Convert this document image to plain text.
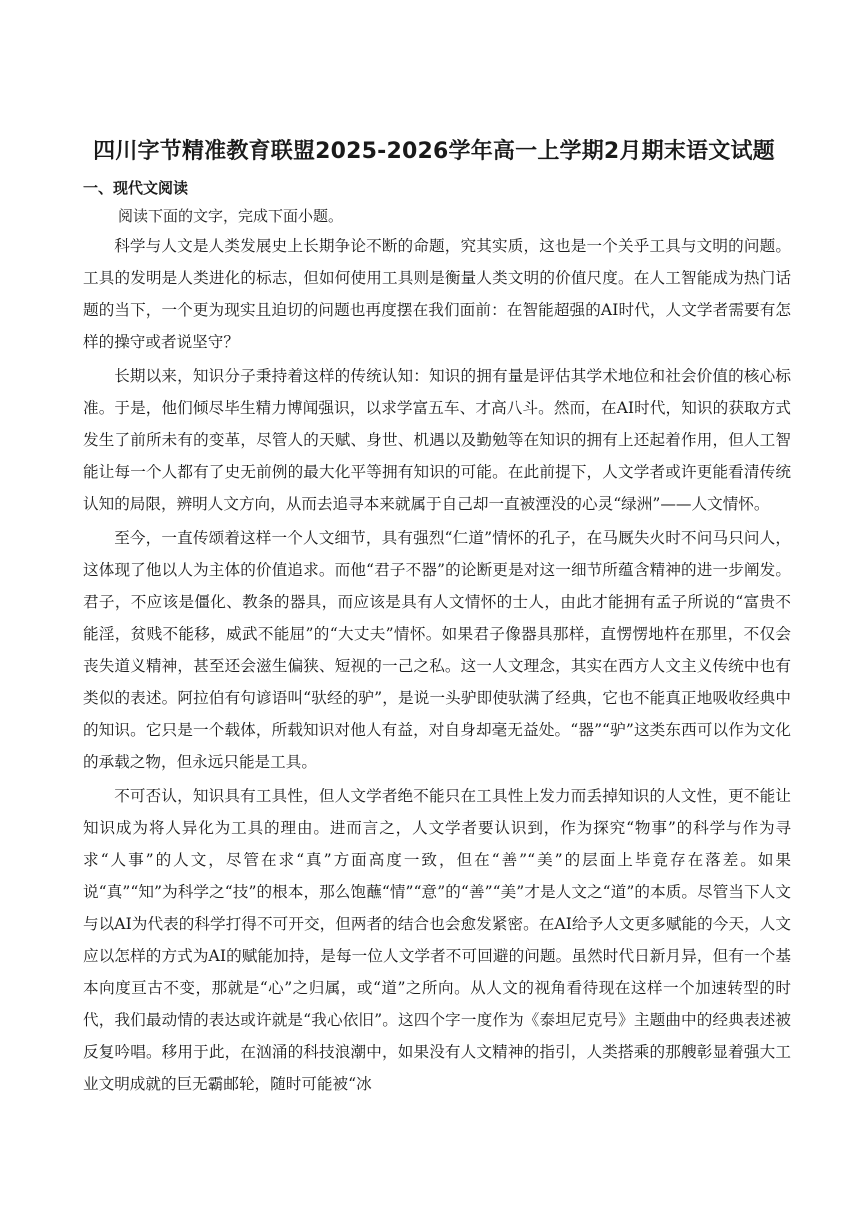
四川字节精准教育联盟2025-2026学年高一上学期2月期末语文试题
一、现代文阅读
阅读下面的文字，完成下面小题。

科学与人文是人类发展史上长期争论不断的命题，究其实质，这也是一个关乎工具与文明的问题。工具的发明是人类进化的标志，但如何使用工具则是衡量人类文明的价值尺度。在人工智能成为热门话题的当下，一个更为现实且迫切的问题也再度摆在我们面前：在智能超强的AI时代，人文学者需要有怎样的操守或者说坚守？

长期以来，知识分子秉持着这样的传统认知：知识的拥有量是评估其学术地位和社会价值的核心标准。于是，他们倾尽毕生精力博闻强识，以求学富五车、才高八斗。然而，在AI时代，知识的获取方式发生了前所未有的变革，尽管人的天赋、身世、机遇以及勤勉等在知识的拥有上还起着作用，但人工智能让每一个人都有了史无前例的最大化平等拥有知识的可能。在此前提下，人文学者或许更能看清传统认知的局限，辨明人文方向，从而去追寻本来就属于自己却一直被湮没的心灵“绿洲”——人文情怀。

至今，一直传颂着这样一个人文细节，具有强烈“仁道”情怀的孔子，在马厩失火时不问马只问人，这体现了他以人为主体的价值追求。而他“君子不器”的论断更是对这一细节所蕴含精神的进一步阐发。君子，不应该是僵化、教条的器具，而应该是具有人文情怀的士人，由此才能拥有孟子所说的“富贵不能淫，贫贱不能移，威武不能屈”的“大丈夫”情怀。如果君子像器具那样，直愣愣地杵在那里，不仅会丧失道义精神，甚至还会滋生偏狭、短视的一己之私。这一人文理念，其实在西方人文主义传统中也有类似的表述。阿拉伯有句谚语叫“驮经的驴”，是说一头驴即使驮满了经典，它也不能真正地吸收经典中的知识。它只是一个载体，所载知识对他人有益，对自身却毫无益处。“器”“驴”这类东西可以作为文化的承载之物，但永远只能是工具。

不可否认，知识具有工具性，但人文学者绝不能只在工具性上发力而丢掉知识的人文性，更不能让知识成为将人异化为工具的理由。进而言之，人文学者要认识到，作为探究“物事”的科学与作为寻求“人事”的人文，尽管在求“真”方面高度一致，但在“善”“美”的层面上毕竟存在落差。如果说“真”“知”为科学之“技”的根本，那么饱蘸“情”“意”的“善”“美”才是人文之“道”的本质。尽管当下人文与以AI为代表的科学打得不可开交，但两者的结合也会愈发紧密。在AI给予人文更多赋能的今天，人文应以怎样的方式为AI的赋能加持，是每一位人文学者不可回避的问题。虽然时代日新月异，但有一个基本向度亘古不变，那就是“心”之归属，或“道”之所向。从人文的视角看待现在这样一个加速转型的时代，我们最动情的表达或许就是“我心依旧”。这四个字一度作为《泰坦尼克号》主题曲中的经典表述被反复吟唱。移用于此，在汹涌的科技浪潮中，如果没有人文精神的指引，人类搭乘的那艘彰显着强大工业文明成就的巨无霸邮轮，随时可能被“冰
